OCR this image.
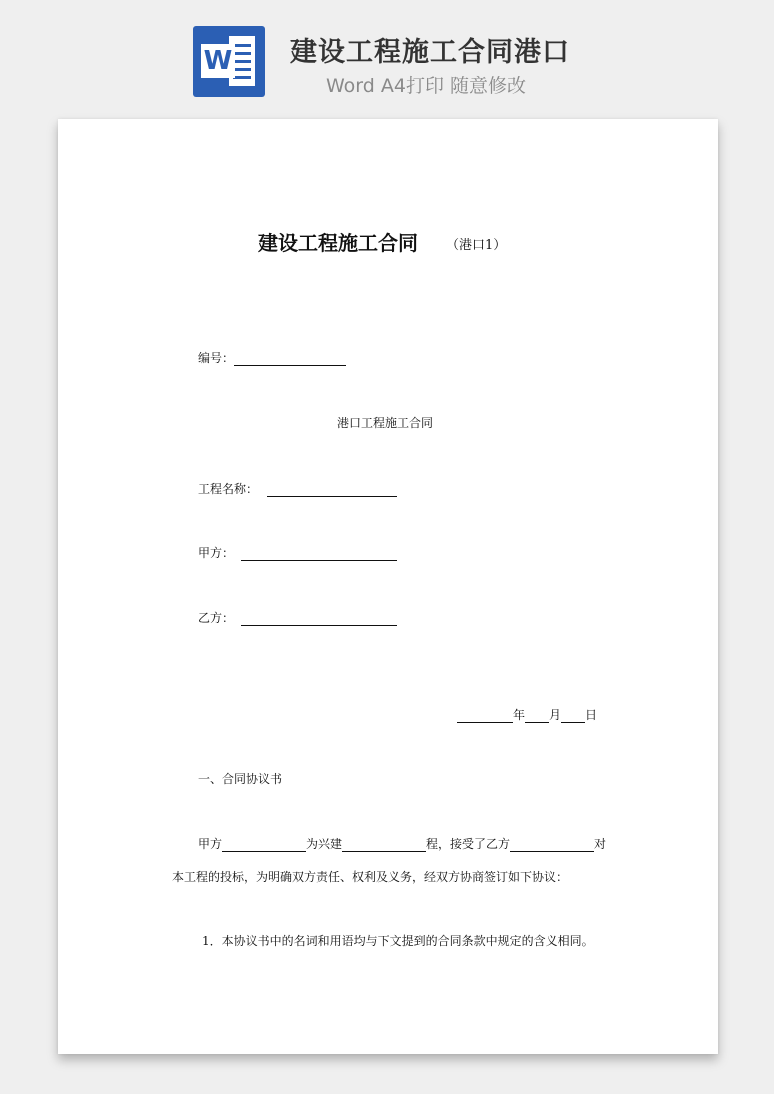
W 建设工程施工合同港口
Word A4打印 随意修改
建设工程施工合同 （港口1）
编号：
港口工程施工合同
工程名称：
甲方：
乙方：
年 月 日
一、合同协议书
甲方	为兴建	程，接受了乙方	对
本工程的投标，为明确双方责任、权利及义务，经双方协商签订如下协议：
1．本协议书中的名词和用语均与下文提到的合同条款中规定的含义相同。
